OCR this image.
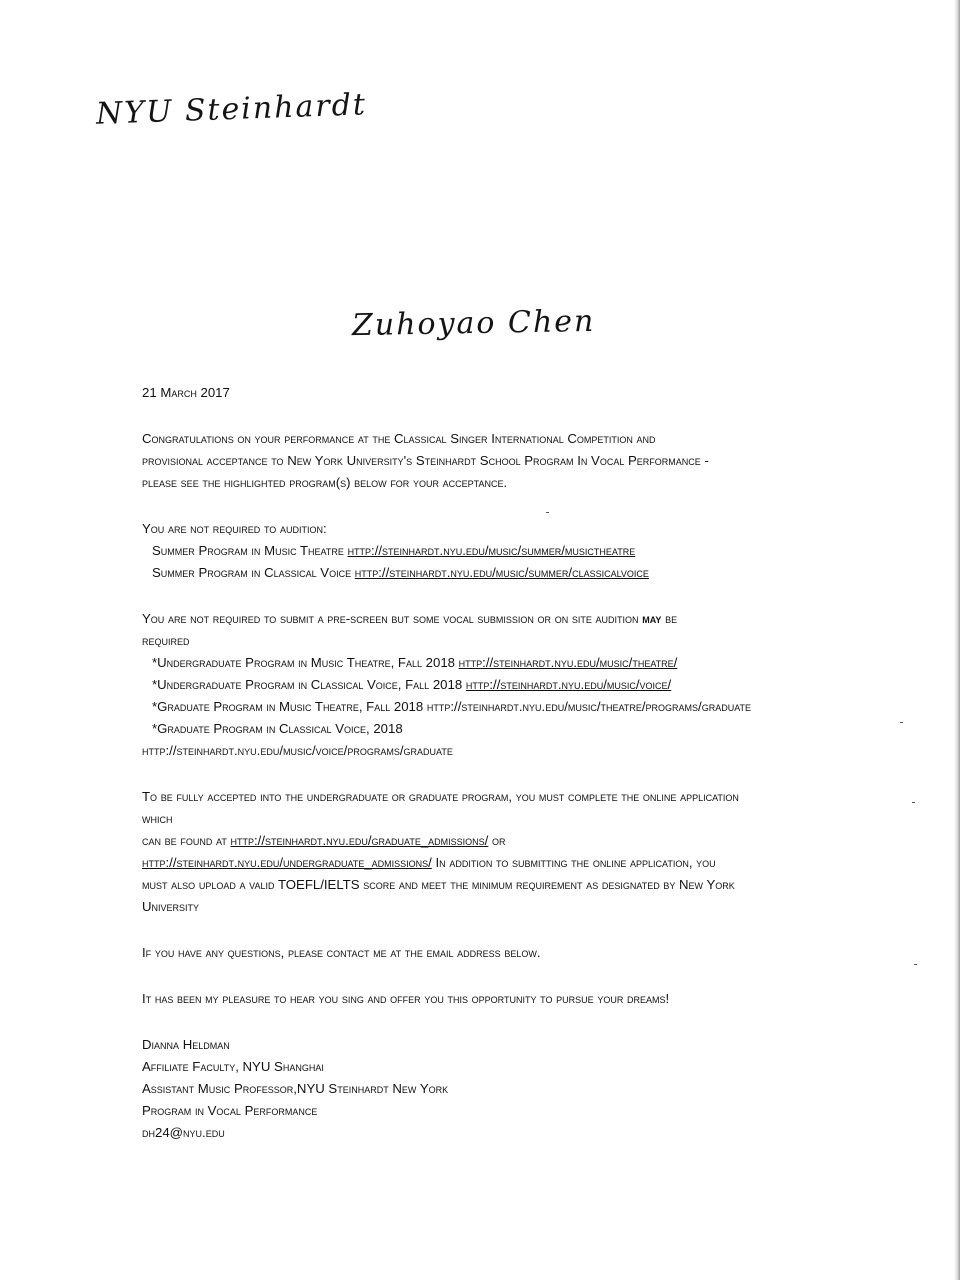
NYU Steinhardt
Zuhoyao Chen
21 March 2017
Congratulations on your performance at the Classical Singer International Competition and
provisional acceptance to New York University's Steinhardt School Program In Vocal Performance -
please see the highlighted program(s) below for your acceptance.
You are not required to audition:
Summer Program in Music Theatre http://steinhardt.nyu.edu/music/summer/musictheatre
Summer Program in Classical Voice http://steinhardt.nyu.edu/music/summer/classicalvoice
You are not required to submit a pre-screen but some vocal submission or on site audition may be
required
*Undergraduate Program in Music Theatre, Fall 2018 http://steinhardt.nyu.edu/music/theatre/
*Undergraduate Program in Classical Voice, Fall 2018 http://steinhardt.nyu.edu/music/voice/
*Graduate Program in Music Theatre, Fall 2018 http://steinhardt.nyu.edu/music/theatre/programs/graduate
*Graduate Program in Classical Voice, 2018
http://steinhardt.nyu.edu/music/voice/programs/graduate
To be fully accepted into the undergraduate or graduate program, you must complete the online application
which
can be found at http://steinhardt.nyu.edu/graduate_admissions/ or
http://steinhardt.nyu.edu/undergraduate_admissions/ In addition to submitting the online application, you
must also upload a valid TOEFL/IELTS score and meet the minimum requirement as designated by New York
University
If you have any questions, please contact me at the email address below.
It has been my pleasure to hear you sing and offer you this opportunity to pursue your dreams!
Dianna Heldman
Affiliate Faculty, NYU Shanghai
Assistant Music Professor,NYU Steinhardt New York
Program in Vocal Performance
dh24@nyu.edu
